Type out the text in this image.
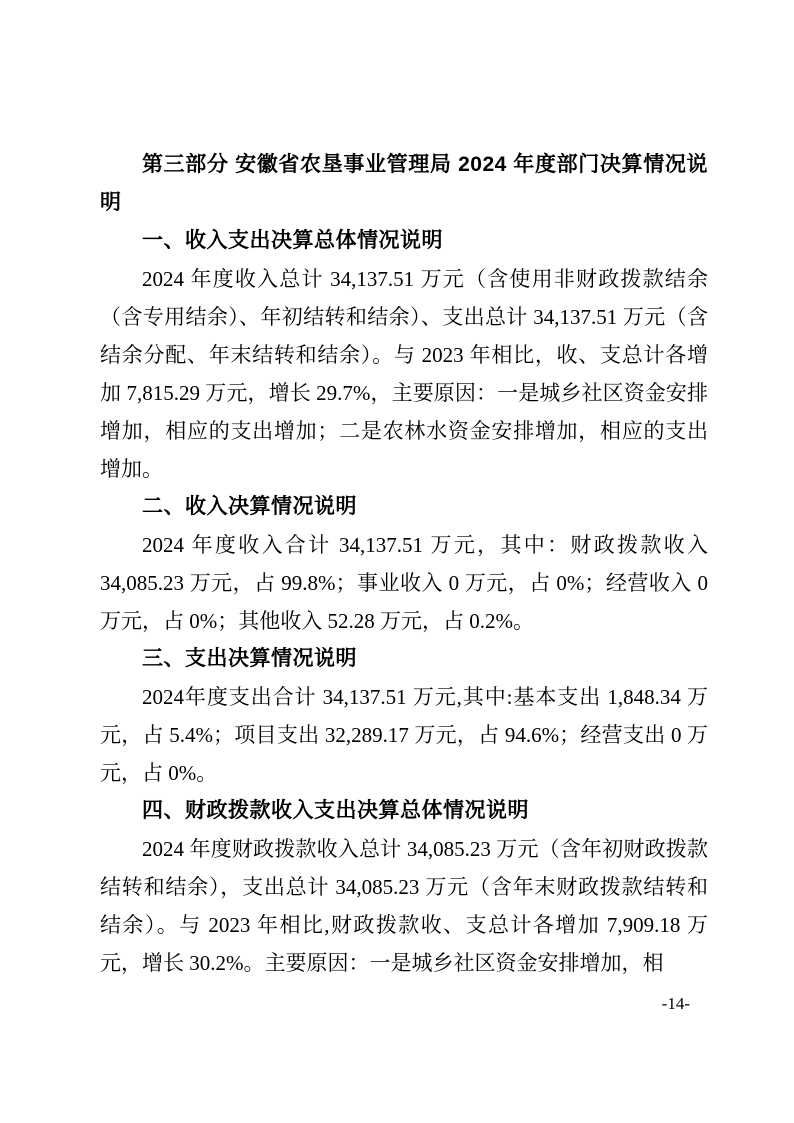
第三部分 安徽省农垦事业管理局 2024 年度部门决算情况说明

一、收入支出决算总体情况说明

2024 年度收入总计 34,137.51 万元（含使用非财政拨款结余（含专用结余）、年初结转和结余）、支出总计 34,137.51 万元（含结余分配、年末结转和结余）。与 2023 年相比，收、支总计各增加 7,815.29 万元，增长 29.7%，主要原因：一是城乡社区资金安排增加，相应的支出增加；二是农林水资金安排增加，相应的支出增加。

二、收入决算情况说明

2024 年度收入合计 34,137.51 万元，其中：财政拨款收入 34,085.23 万元，占 99.8%；事业收入 0 万元，占 0%；经营收入 0 万元，占 0%；其他收入 52.28 万元，占 0.2%。

三、支出决算情况说明

2024年度支出合计 34,137.51 万元,其中:基本支出 1,848.34 万元，占 5.4%；项目支出 32,289.17 万元，占 94.6%；经营支出 0 万元，占 0%。

四、财政拨款收入支出决算总体情况说明

2024 年度财政拨款收入总计 34,085.23 万元（含年初财政拨款结转和结余），支出总计 34,085.23 万元（含年末财政拨款结转和结余）。与 2023 年相比,财政拨款收、支总计各增加 7,909.18 万元，增长 30.2%。主要原因：一是城乡社区资金安排增加，相

-14-
